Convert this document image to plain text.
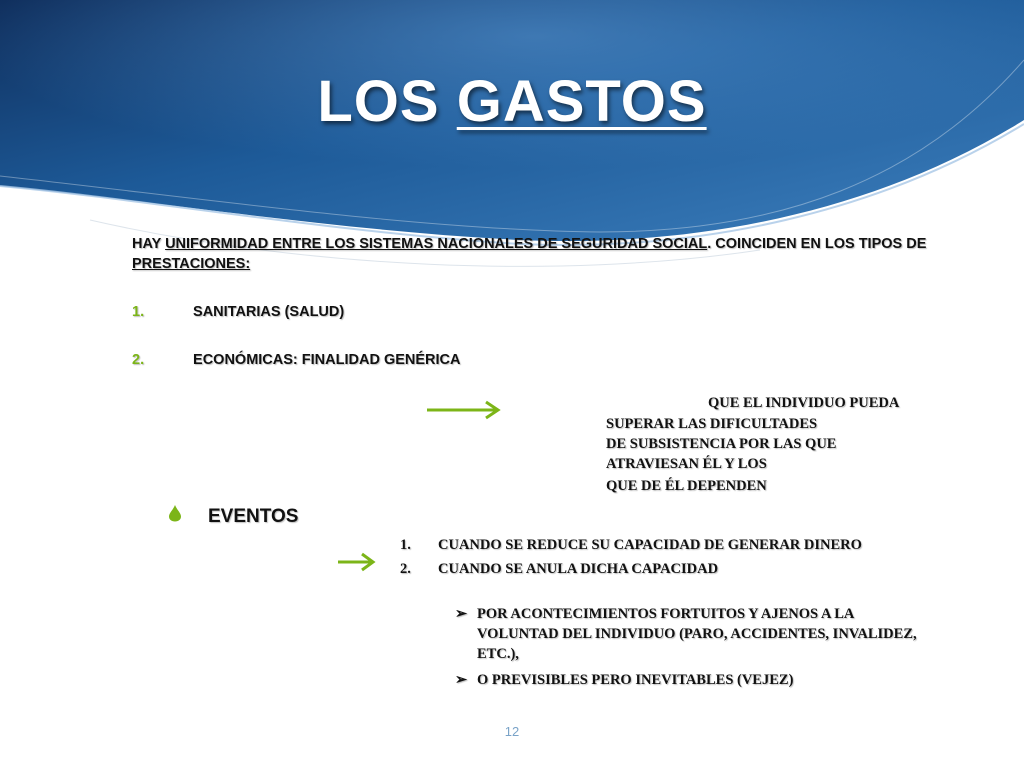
LOS GASTOS
HAY UNIFORMIDAD ENTRE LOS SISTEMAS NACIONALES DE SEGURIDAD SOCIAL. COINCIDEN EN LOS TIPOS DE PRESTACIONES:
1.	SANITARIAS (SALUD)
2.	ECONÓMICAS: FINALIDAD GENÉRICA
QUE EL INDIVIDUO PUEDA
SUPERAR LAS DIFICULTADES
DE SUBSISTENCIA POR LAS QUE
ATRAVIESAN ÉL Y LOS
QUE DE ÉL DEPENDEN
EVENTOS
1.	CUANDO SE REDUCE SU CAPACIDAD DE GENERAR DINERO
2.	CUANDO SE ANULA DICHA CAPACIDAD
➢ POR ACONTECIMIENTOS FORTUITOS Y AJENOS A LA VOLUNTAD DEL INDIVIDUO (PARO, ACCIDENTES, INVALIDEZ, ETC.),
➢ O PREVISIBLES PERO INEVITABLES (VEJEZ)
12
